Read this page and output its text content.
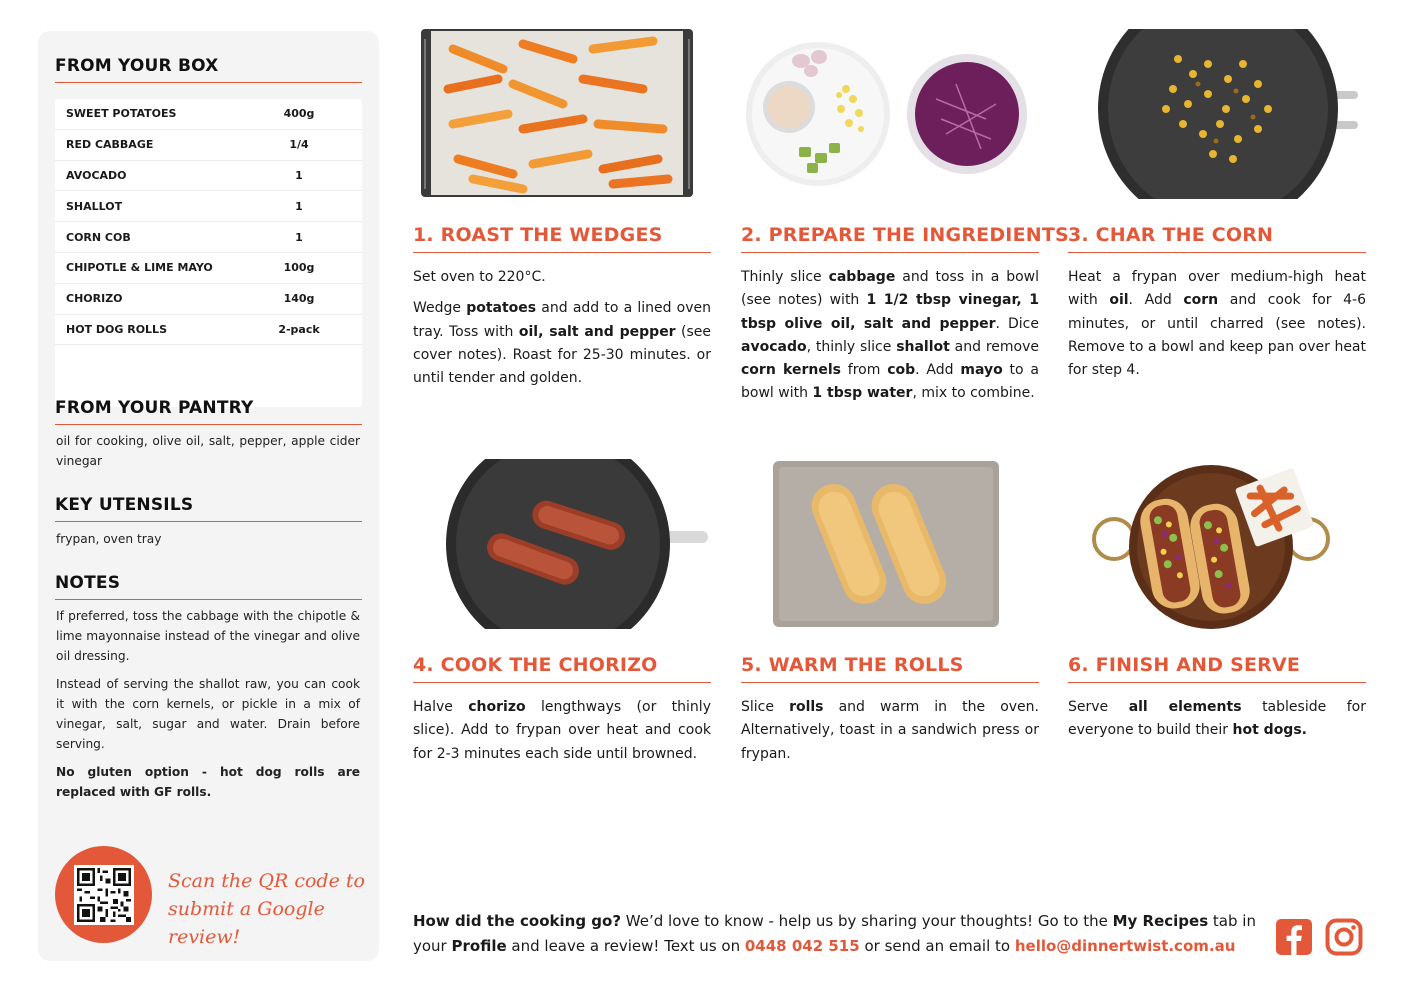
FROM YOUR BOX
SWEET POTATOES	400g
RED CABBAGE	1/4
AVOCADO	1
SHALLOT	1
CORN COB	1
CHIPOTLE & LIME MAYO	100g
CHORIZO	140g
HOT DOG ROLLS	2-pack
FROM YOUR PANTRY
oil for cooking, olive oil, salt, pepper, apple cider vinegar
KEY UTENSILS
frypan, oven tray
NOTES

If preferred, toss the cabbage with the chipotle & lime mayonnaise instead of the vinegar and olive oil dressing.

Instead of serving the shallot raw, you can cook it with the corn kernels, or pickle in a mix of vinegar, salt, sugar and water. Drain before serving.

No gluten option - hot dog rolls are replaced with GF rolls.

Scan the QR code to
submit a Google review!
1. ROAST THE WEDGES

Set oven to 220°C.

Wedge potatoes and add to a lined oven tray. Toss with oil, salt and pepper (see cover notes). Roast for 25-30 minutes. or until tender and golden.

2. PREPARE THE INGREDIENTS

Thinly slice cabbage and toss in a bowl (see notes) with 1 1/2 tbsp vinegar, 1 tbsp olive oil, salt and pepper. Dice avocado, thinly slice shallot and remove corn kernels from cob. Add mayo to a bowl with 1 tbsp water, mix to combine.

3. CHAR THE CORN

Heat a frypan over medium-high heat with oil. Add corn and cook for 4-6 minutes, or until charred (see notes). Remove to a bowl and keep pan over heat for step 4.

4. COOK THE CHORIZO

Halve chorizo lengthways (or thinly slice). Add to frypan over heat and cook for 2-3 minutes each side until browned.

5. WARM THE ROLLS

Slice rolls and warm in the oven. Alternatively, toast in a sandwich press or frypan.

6. FINISH AND SERVE

Serve all elements tableside for everyone to build their hot dogs.

How did the cooking go? We’d love to know - help us by sharing your thoughts! Go to the My Recipes tab in your Profile and leave a review! Text us on 0448 042 515 or send an email to hello@dinnertwist.com.au
